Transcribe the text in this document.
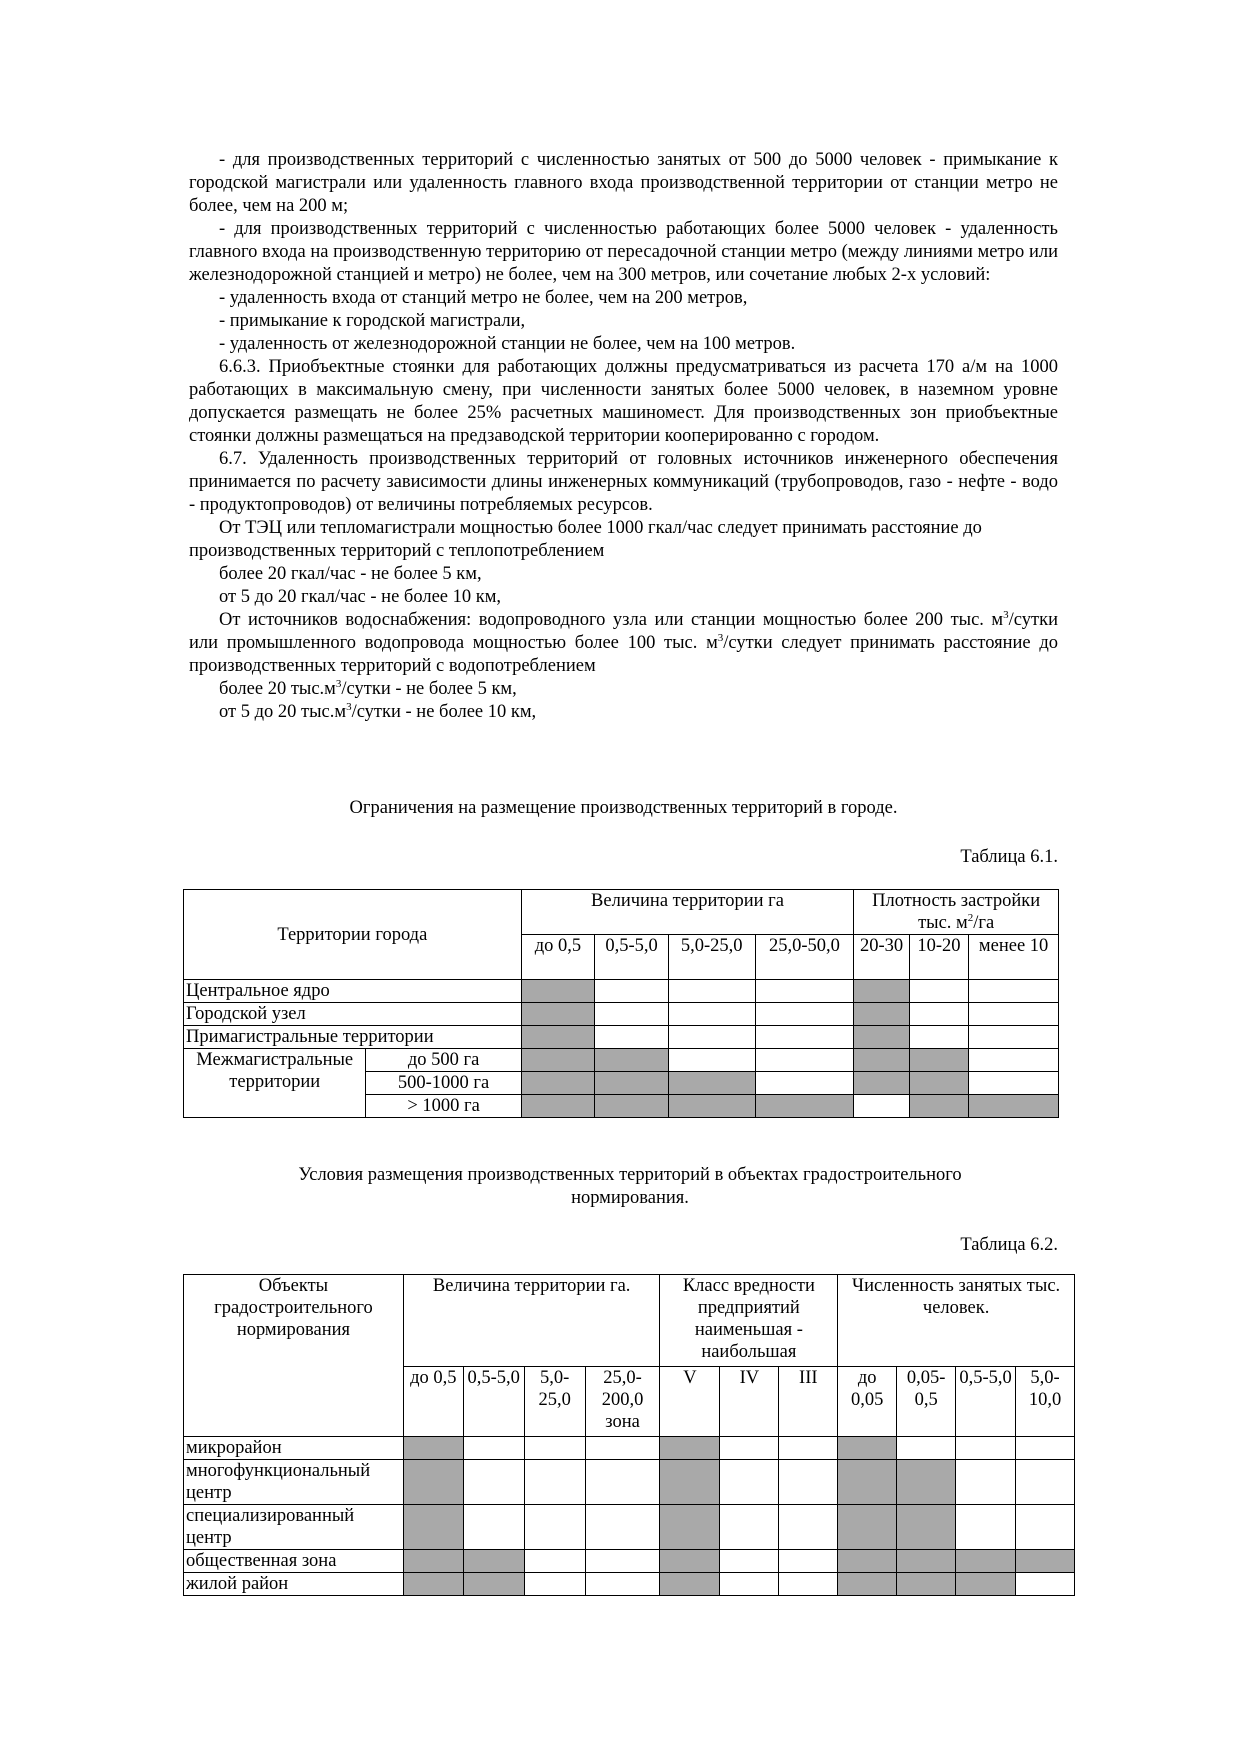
- для производственных территорий с численностью занятых от 500 до 5000 человек - примыкание к городской магистрали или удаленность главного входа производственной территории от станции метро не более, чем на 200 м;

- для производственных территорий с численностью работающих более 5000 человек - удаленность главного входа на производственную территорию от пересадочной станции метро (между линиями метро или железнодорожной станцией и метро) не более, чем на 300 метров, или сочетание любых 2-х условий:

- удаленность входа от станций метро не более, чем на 200 метров,

- примыкание к городской магистрали,

- удаленность от железнодорожной станции не более, чем на 100 метров.

6.6.3. Приобъектные стоянки для работающих должны предусматриваться из расчета 170 а/м на 1000 работающих в максимальную смену, при численности занятых более 5000 человек, в наземном уровне допускается размещать не более 25% расчетных машиномест. Для производственных зон приобъектные стоянки должны размещаться на предзаводской территории кооперированно с городом.

6.7. Удаленность производственных территорий от головных источников инженерного обеспечения принимается по расчету зависимости длины инженерных коммуникаций (трубопроводов, газо - нефте - водо - продуктопроводов) от величины потребляемых ресурсов.

От ТЭЦ или тепломагистрали мощностью более 1000 гкал/час следует принимать расстояние до производственных территорий с теплопотреблением

более 20 гкал/час - не более 5 км,

от 5 до 20 гкал/час - не более 10 км,

От источников водоснабжения: водопроводного узла или станции мощностью более 200 тыс. $м^3$/сутки или промышленного водопровода мощностью более 100 тыс. $м^3$/сутки следует принимать расстояние до производственных территорий с водопотреблением

более 20 $тыс.м^3$/сутки - не более 5 км,

от 5 до 20 $тыс.м^3$/сутки - не более 10 км,

Ограничения на размещение производственных территорий в городе.
Таблица 6.1.
Территории города		Величина территории га				Плотность застройки тыс. $м^2/га$		
		до 0,5	0,5-5,0	5,0-25,0	25,0-50,0	20-30	10-20	менее 10
Центральное ядро								
Городской узел								
Примагистральные территории								
Межмагистральные территории	до 500 га							
	500-1000 га							
	> 1000 га							
Условия размещения производственных территорий в объектах градостроительного нормирования.
Таблица 6.2.
Объекты градостроительного нормирования	Величина территории га.				Класс вредности предприятий наименьшая - наибольшая			Численность занятых тыс. человек.			
	до 0,5	0,5-5,0	5,0-25,0	25,0-200,0 зона	V	IV	III	до 0,05	0,05-0,5	0,5-5,0	5,0-10,0
микрорайон											
многофункциональный центр											
специализированный центр											
общественная зона											
жилой район											
